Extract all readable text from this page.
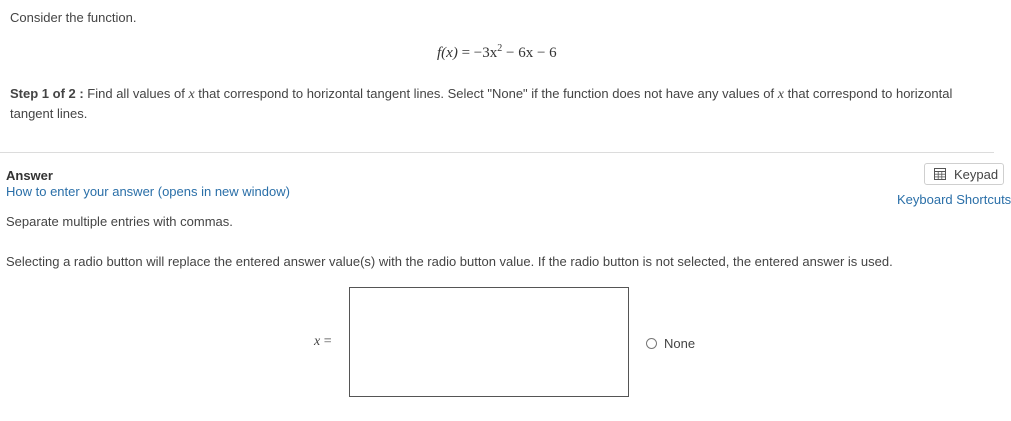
Consider the function.
$f(x) = -3x^2 - 6x - 6$
Step 1 of 2 : Find all values of x that correspond to horizontal tangent lines. Select "None" if the function does not have any values of x that correspond to horizontal tangent lines.
Answer
How to enter your answer (opens in new window)
Keypad
Keyboard Shortcuts
Separate multiple entries with commas.
Selecting a radio button will replace the entered answer value(s) with the radio button value. If the radio button is not selected, the entered answer is used.
x =	None
